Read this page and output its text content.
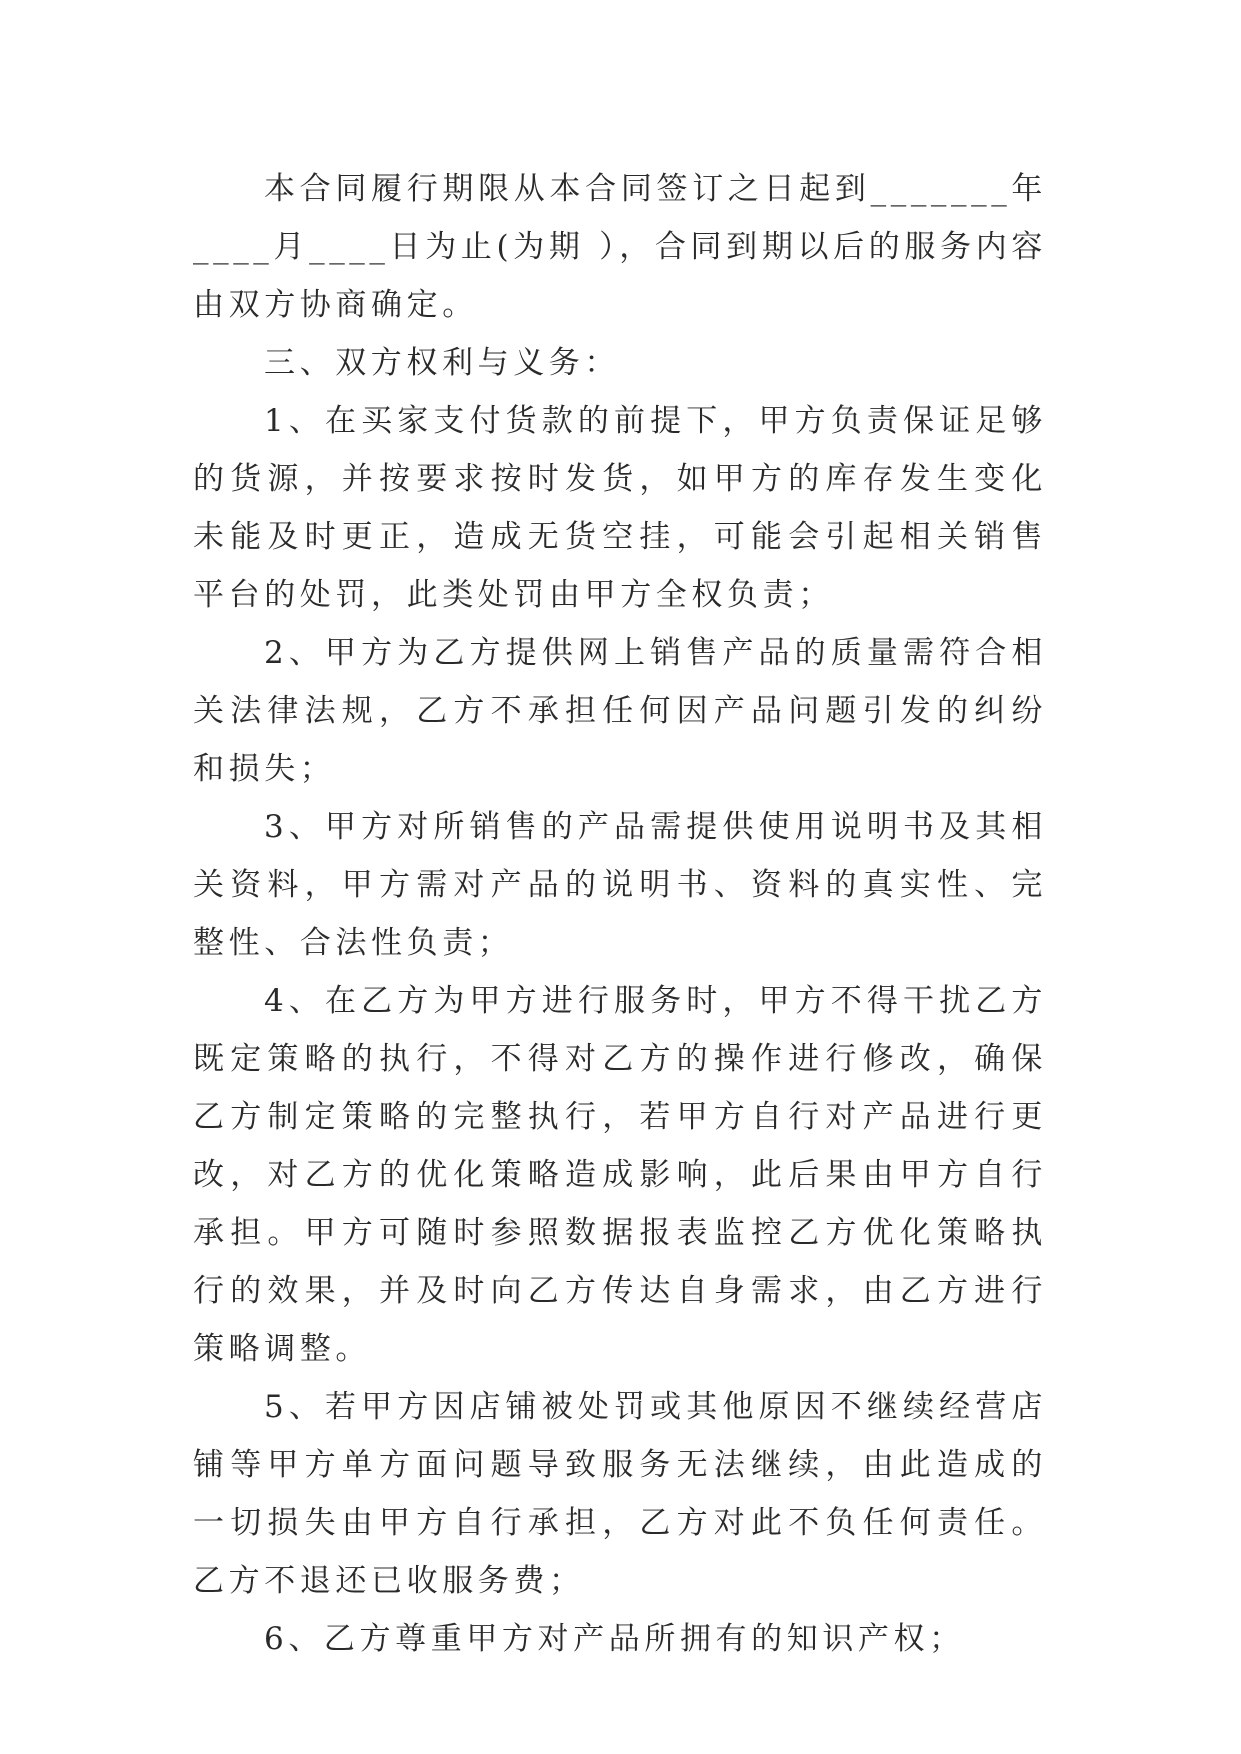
本合同履行期限从本合同签订之日起到_______年____月____日为止(为期 ），合同到期以后的服务内容由双方协商确定。

三、双方权利与义务：

1、在买家支付货款的前提下，甲方负责保证足够的货源，并按要求按时发货，如甲方的库存发生变化未能及时更正，造成无货空挂，可能会引起相关销售平台的处罚，此类处罚由甲方全权负责；

2、甲方为乙方提供网上销售产品的质量需符合相关法律法规，乙方不承担任何因产品问题引发的纠纷和损失；

3、甲方对所销售的产品需提供使用说明书及其相关资料，甲方需对产品的说明书、资料的真实性、完整性、合法性负责；

4、在乙方为甲方进行服务时，甲方不得干扰乙方既定策略的执行，不得对乙方的操作进行修改，确保乙方制定策略的完整执行，若甲方自行对产品进行更改，对乙方的优化策略造成影响，此后果由甲方自行承担。甲方可随时参照数据报表监控乙方优化策略执行的效果，并及时向乙方传达自身需求，由乙方进行策略调整。

5、若甲方因店铺被处罚或其他原因不继续经营店铺等甲方单方面问题导致服务无法继续，由此造成的一切损失由甲方自行承担，乙方对此不负任何责任。乙方不退还已收服务费；

6、乙方尊重甲方对产品所拥有的知识产权；
